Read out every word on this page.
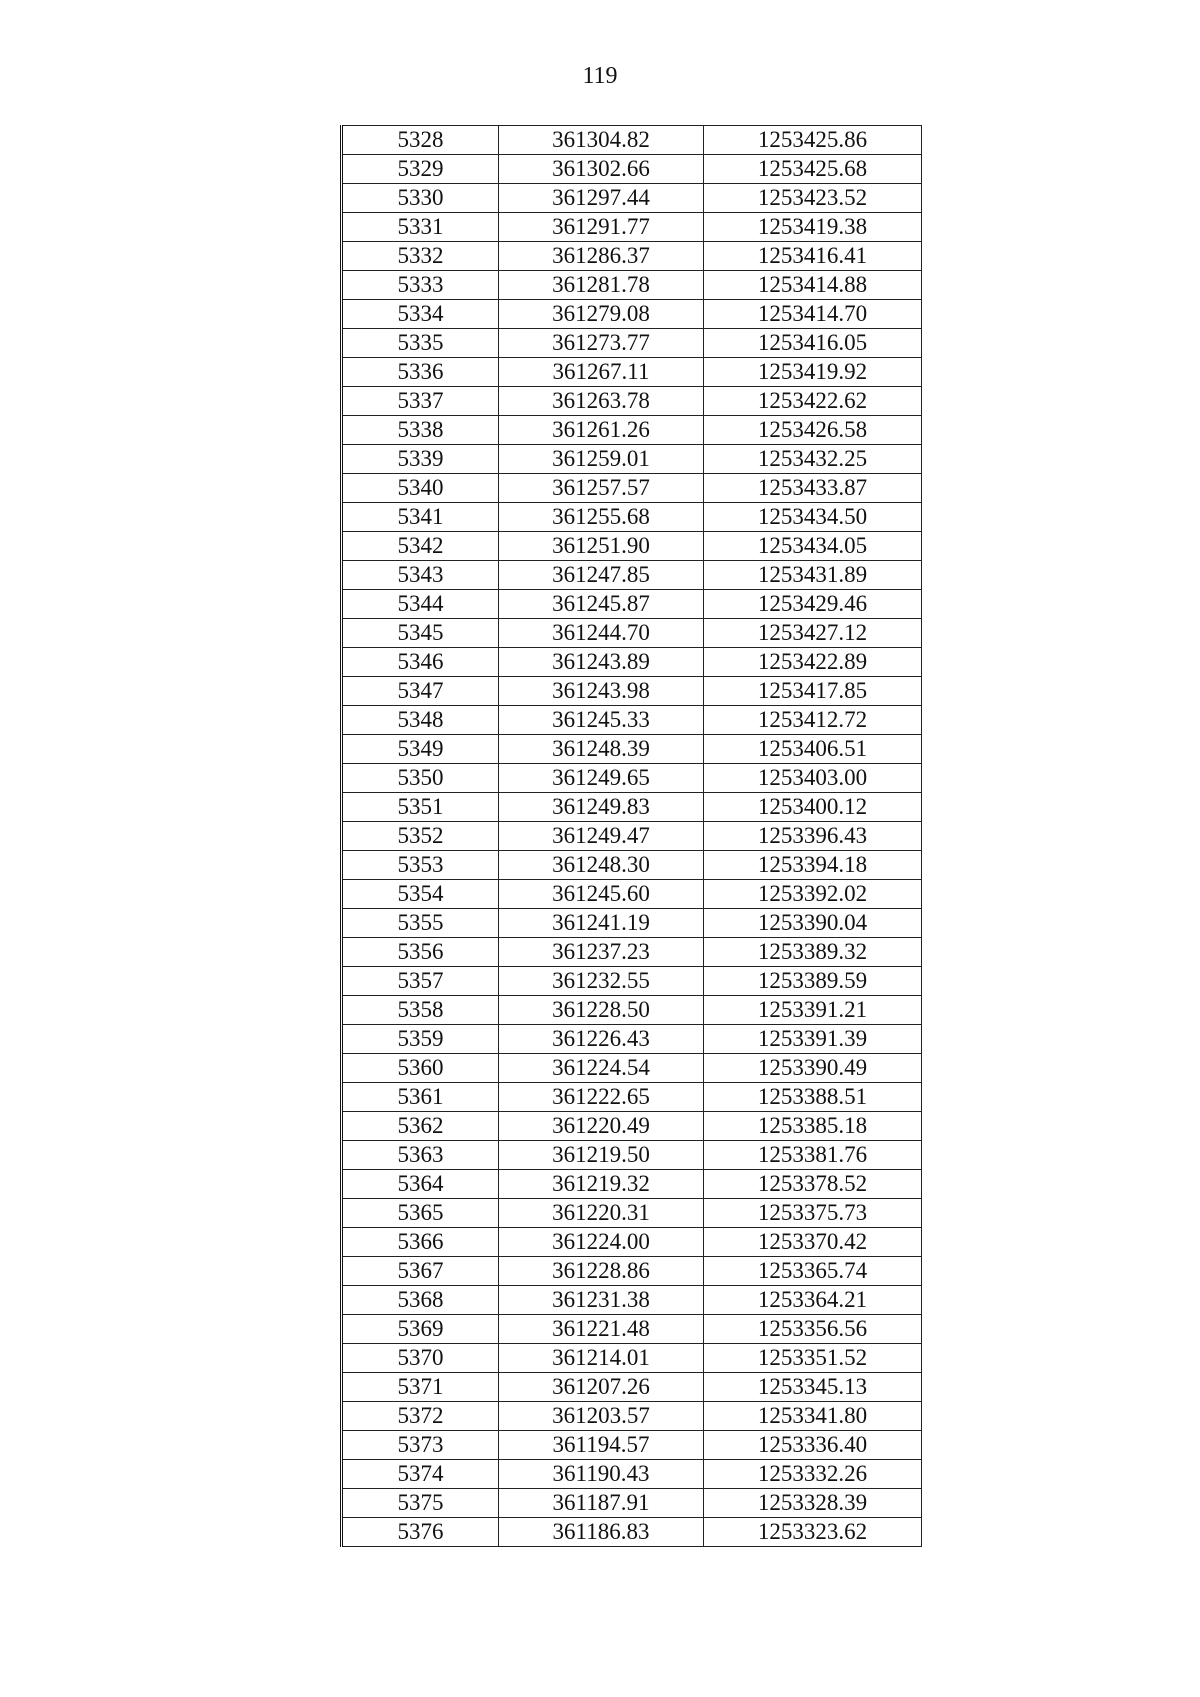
119
5328	361304.82	1253425.86
5329	361302.66	1253425.68
5330	361297.44	1253423.52
5331	361291.77	1253419.38
5332	361286.37	1253416.41
5333	361281.78	1253414.88
5334	361279.08	1253414.70
5335	361273.77	1253416.05
5336	361267.11	1253419.92
5337	361263.78	1253422.62
5338	361261.26	1253426.58
5339	361259.01	1253432.25
5340	361257.57	1253433.87
5341	361255.68	1253434.50
5342	361251.90	1253434.05
5343	361247.85	1253431.89
5344	361245.87	1253429.46
5345	361244.70	1253427.12
5346	361243.89	1253422.89
5347	361243.98	1253417.85
5348	361245.33	1253412.72
5349	361248.39	1253406.51
5350	361249.65	1253403.00
5351	361249.83	1253400.12
5352	361249.47	1253396.43
5353	361248.30	1253394.18
5354	361245.60	1253392.02
5355	361241.19	1253390.04
5356	361237.23	1253389.32
5357	361232.55	1253389.59
5358	361228.50	1253391.21
5359	361226.43	1253391.39
5360	361224.54	1253390.49
5361	361222.65	1253388.51
5362	361220.49	1253385.18
5363	361219.50	1253381.76
5364	361219.32	1253378.52
5365	361220.31	1253375.73
5366	361224.00	1253370.42
5367	361228.86	1253365.74
5368	361231.38	1253364.21
5369	361221.48	1253356.56
5370	361214.01	1253351.52
5371	361207.26	1253345.13
5372	361203.57	1253341.80
5373	361194.57	1253336.40
5374	361190.43	1253332.26
5375	361187.91	1253328.39
5376	361186.83	1253323.62
